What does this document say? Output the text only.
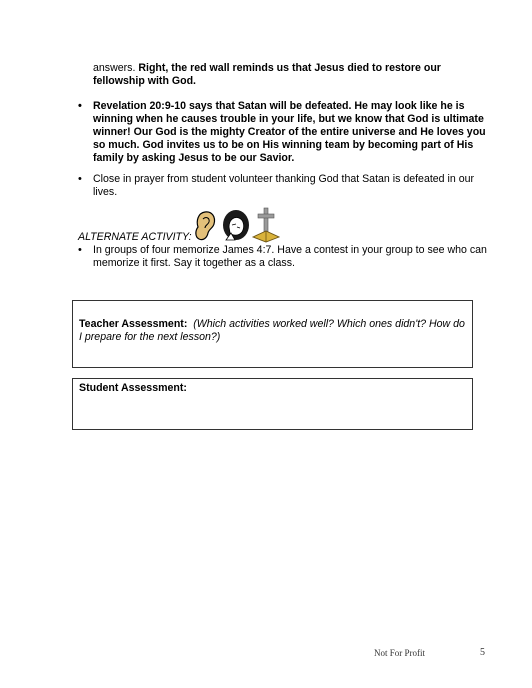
answers. Right, the red wall reminds us that Jesus died to restore our fellowship with God.

•	Revelation 20:9-10 says that Satan will be defeated. He may look like he is winning when he causes trouble in your life, but we know that God is ultimate winner! Our God is the mighty Creator of the entire universe and He loves you so much. God invites us to be on His winning team by becoming part of His family by asking Jesus to be our Savior.

•	Close in prayer from student volunteer thanking God that Satan is defeated in our lives.

ALTERNATE ACTIVITY:

•	In groups of four memorize James 4:7. Have a contest in your group to see who can memorize it first. Say it together as a class.

Teacher Assessment: (Which activities worked well? Which ones didn't? How do I prepare for the next lesson?)

Student Assessment:

Not For Profit	5
